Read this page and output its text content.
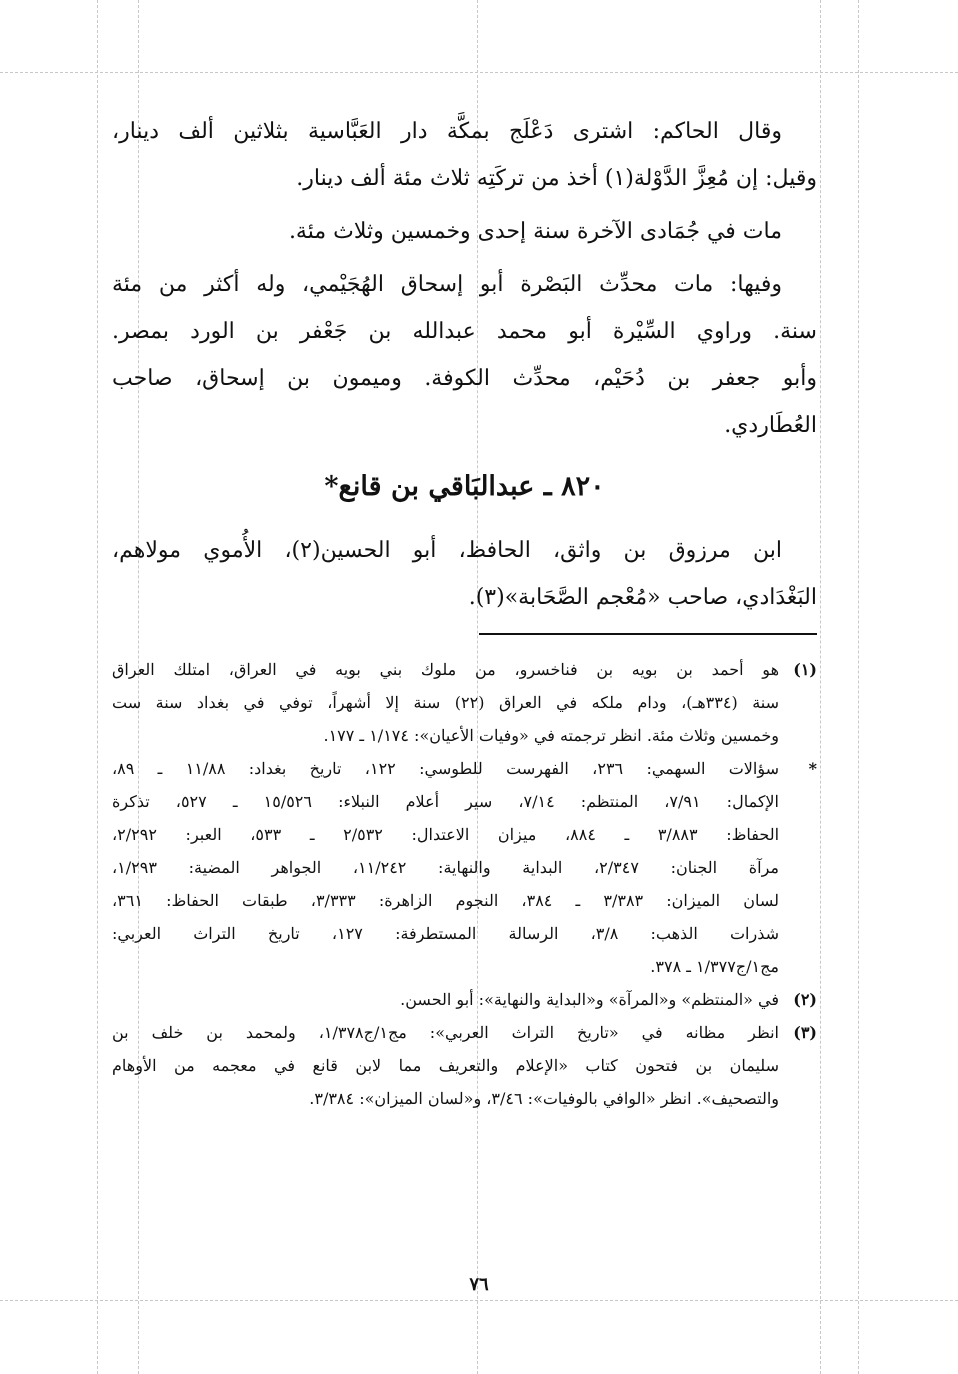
وقال الحاكم: اشترى دَعْلَج بمكَّة دار العَبَّاسية بثلاثين ألف دينار،
وقيل: إن مُعِزَّ الدَّوْلة(١) أخذ من تركَتِه ثلاث مئة ألف دينار.
مات في جُمَادى الآخرة سنة إحدى وخمسين وثلاث مئة.
وفيها: مات محدِّث البَصْرة أبو إسحاق الهُجَيْمي، وله أكثر من مئة
سنة. وراوي السِّيْرة أبو محمد عبدالله بن جَعْفر بن الورد بمصر.
وأبو جعفر بن دُحَيْم، محدِّث الكوفة. وميمون بن إسحاق، صاحب
العُطَاردي.
٨٢٠ ـ عبدالبَاقي بن قانع*
ابن مرزوق بن واثق، الحافظ، أبو الحسين(٢)، الأُموي مولاهم،
البَغْدَادي، صاحب «مُعْجم الصَّحَابة»(٣).
(١)
هو أحمد بن بويه بن فناخسرو، من ملوك بني بويه في العراق، امتلك العراق
سنة (٣٣٤هـ)، ودام ملكه في العراق (٢٢) سنة إلا أشهراً، توفي في بغداد سنة ست
وخمسين وثلاث مئة. انظر ترجمته في «وفيات الأعيان»: ١/١٧٤ ـ ١٧٧.
*
سؤالات السهمي: ٢٣٦، الفهرست للطوسي: ١٢٢، تاريخ بغداد: ١١/٨٨ ـ ٨٩،
الإكمال: ٧/٩١، المنتظم: ٧/١٤، سير أعلام النبلاء: ١٥/٥٢٦ ـ ٥٢٧، تذكرة
الحفاظ: ٣/٨٨٣ ـ ٨٨٤، ميزان الاعتدال: ٢/٥٣٢ ـ ٥٣٣، العبر: ٢/٢٩٢،
مرآة الجنان: ٢/٣٤٧، البداية والنهاية: ١١/٢٤٢، الجواهر المضية: ١/٢٩٣،
لسان الميزان: ٣/٣٨٣ ـ ٣٨٤، النجوم الزاهرة: ٣/٣٣٣، طبقات الحفاظ: ٣٦١،
شذرات الذهب: ٣/٨، الرسالة المستطرفة: ١٢٧، تاريخ التراث العربي:
مج١/ج١/٣٧٧ ـ ٣٧٨.
(٢)
في «المنتظم» و«المرآة» و«البداية والنهاية»: أبو الحسن.
(٣)
انظر مظانه في «تاريخ التراث العربي»: مج١/ج١/٣٧٨، ولمحمد بن خلف بن
سليمان بن فتحون كتاب «الإعلام والتعريف مما لابن قانع في معجمه من الأوهام
والتصحيف». انظر «الوافي بالوفيات»: ٣/٤٦، و«لسان الميزان»: ٣/٣٨٤.
٧٦
